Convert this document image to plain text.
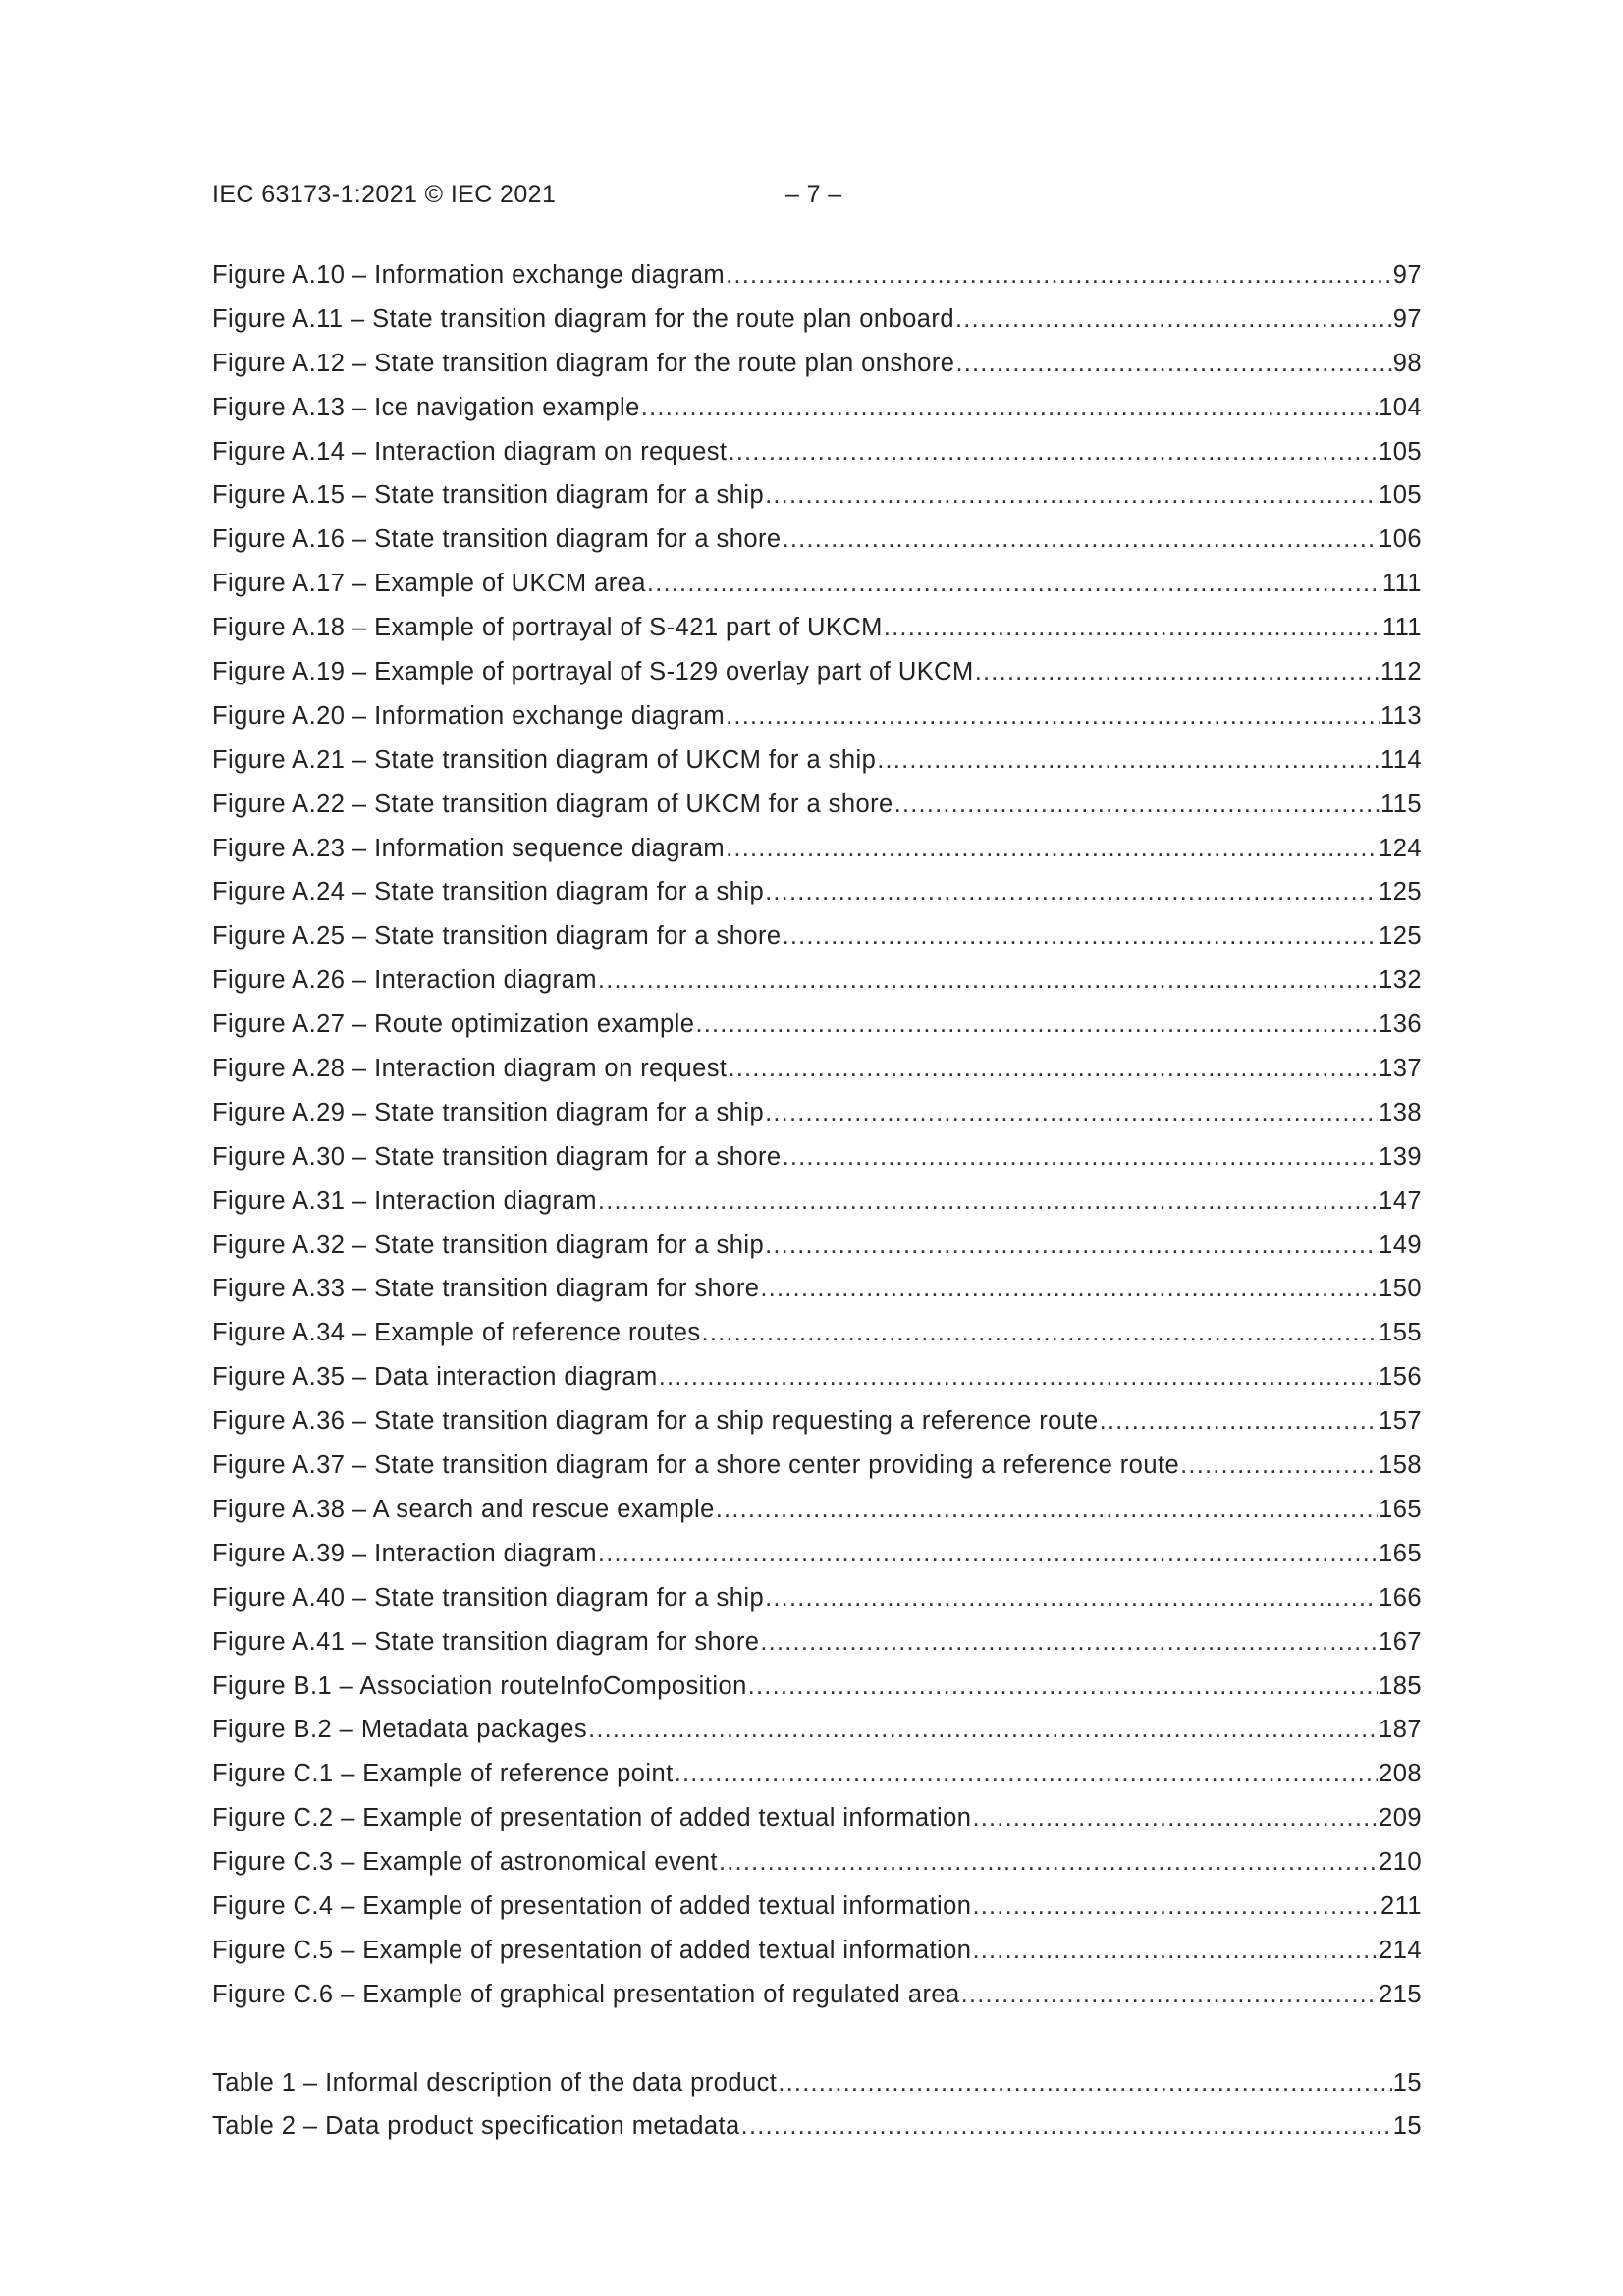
IEC 63173-1:2021 © IEC 2021	– 7 –
Figure A.10 – Information exchange diagram .....	97
Figure A.11 – State transition diagram for the route plan onboard .....	97
Figure A.12 – State transition diagram for the route plan onshore .....	98
Figure A.13 – Ice navigation example .....	104
Figure A.14 – Interaction diagram on request .....	105
Figure A.15 – State transition diagram for a ship .....	105
Figure A.16 – State transition diagram for a shore .....	106
Figure A.17 – Example of UKCM area .....	111
Figure A.18 – Example of portrayal of S-421 part of UKCM .....	111
Figure A.19 – Example of portrayal of S-129 overlay part of UKCM .....	112
Figure A.20 – Information exchange diagram .....	113
Figure A.21 – State transition diagram of UKCM for a ship .....	114
Figure A.22 – State transition diagram of UKCM for a shore .....	115
Figure A.23 – Information sequence diagram .....	124
Figure A.24 – State transition diagram for a ship .....	125
Figure A.25 – State transition diagram for a shore .....	125
Figure A.26 – Interaction diagram .....	132
Figure A.27 – Route optimization example .....	136
Figure A.28 – Interaction diagram on request .....	137
Figure A.29 – State transition diagram for a ship .....	138
Figure A.30 – State transition diagram for a shore .....	139
Figure A.31 – Interaction diagram .....	147
Figure A.32 – State transition diagram for a ship .....	149
Figure A.33 – State transition diagram for shore .....	150
Figure A.34 – Example of reference routes .....	155
Figure A.35 – Data interaction diagram .....	156
Figure A.36 – State transition diagram for a ship requesting a reference route .....	157
Figure A.37 – State transition diagram for a shore center providing a reference route .....	158
Figure A.38 – A search and rescue example .....	165
Figure A.39 – Interaction diagram .....	165
Figure A.40 – State transition diagram for a ship .....	166
Figure A.41 – State transition diagram for shore .....	167
Figure B.1 – Association routeInfoComposition .....	185
Figure B.2 – Metadata packages .....	187
Figure C.1 – Example of reference point .....	208
Figure C.2 – Example of presentation of added textual information .....	209
Figure C.3 – Example of astronomical event .....	210
Figure C.4 – Example of presentation of added textual information .....	211
Figure C.5 – Example of presentation of added textual information .....	214
Figure C.6 – Example of graphical presentation of regulated area .....	215
Table 1 – Informal description of the data product .....	15
Table 2 – Data product specification metadata .....	15
